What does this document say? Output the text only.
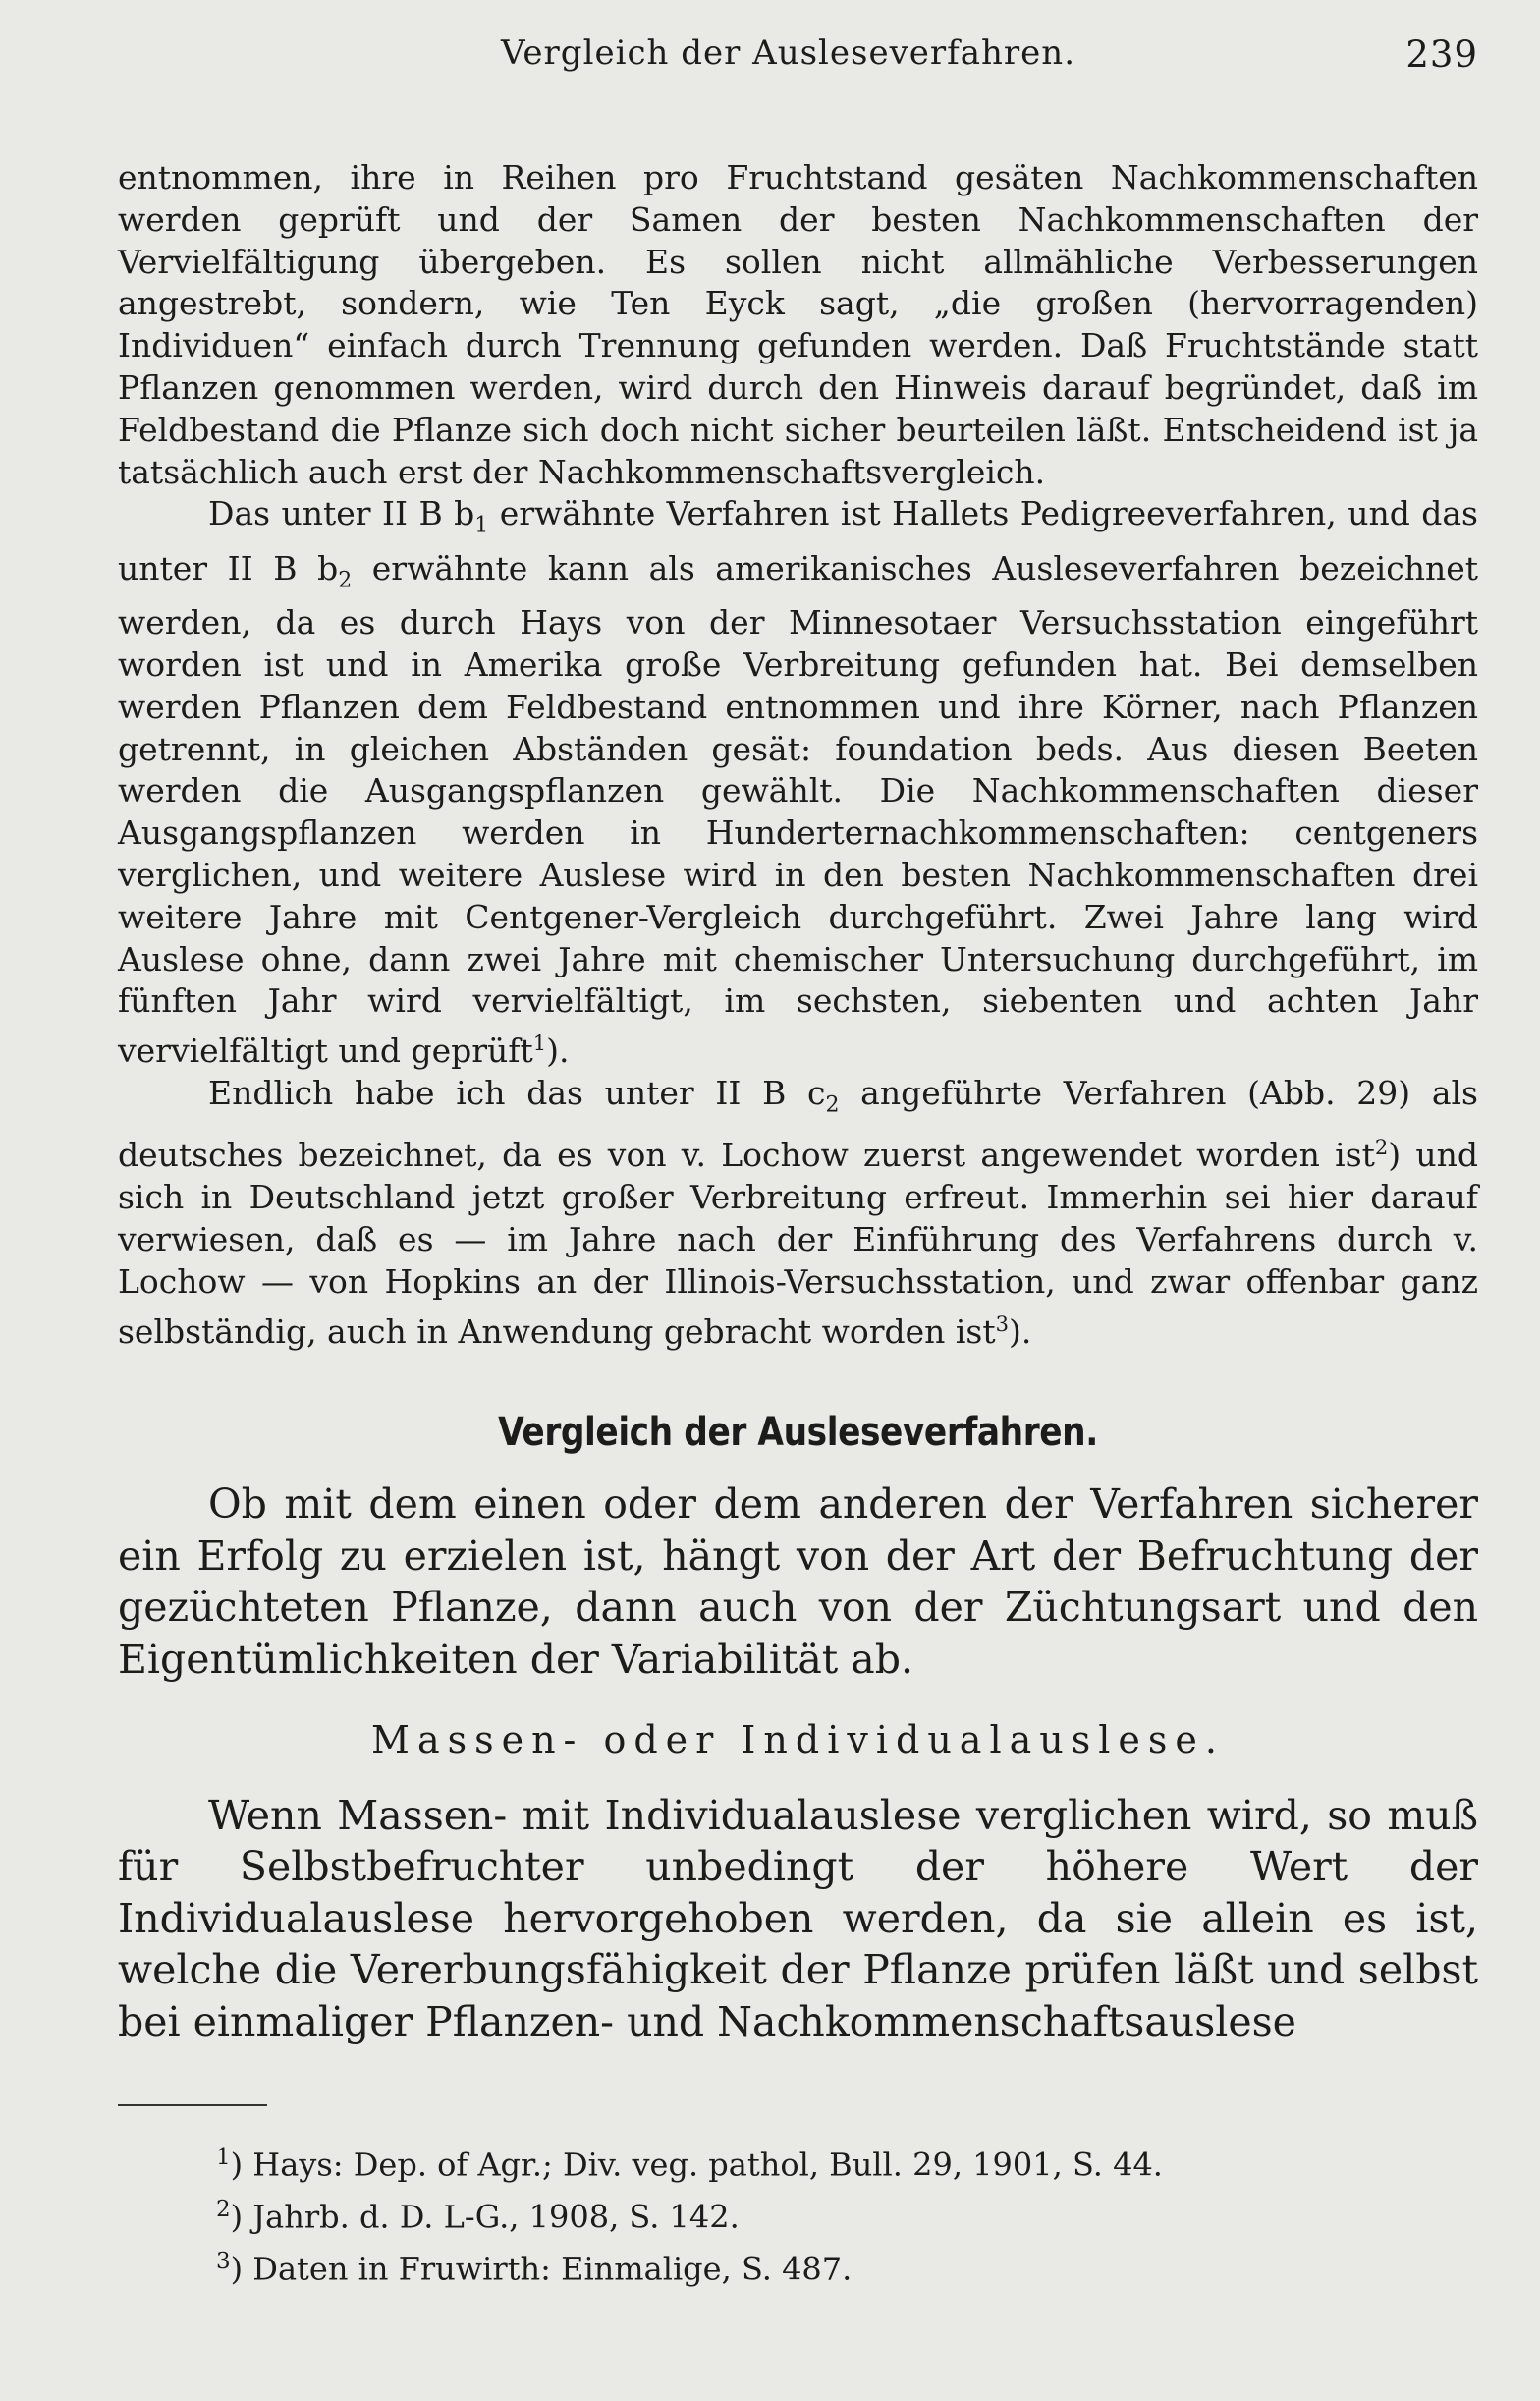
Vergleich der Ausleseverfahren.	239

entnommen, ihre in Reihen pro Fruchtstand gesäten Nachkommenschaften werden geprüft und der Samen der besten Nachkommenschaften der Vervielfältigung übergeben. Es sollen nicht allmähliche Verbesserungen angestrebt, sondern, wie Ten Eyck sagt, „die großen (hervorragenden) Individuen“ einfach durch Trennung gefunden werden. Daß Fruchtstände statt Pflanzen genommen werden, wird durch den Hinweis darauf begründet, daß im Feldbestand die Pflanze sich doch nicht sicher beurteilen läßt. Entscheidend ist ja tatsächlich auch erst der Nachkommenschaftsvergleich.

Das unter II B $b_1$ erwähnte Verfahren ist Hallets Pedigreeverfahren, und das unter II B $b_2$ erwähnte kann als amerikanisches Ausleseverfahren bezeichnet werden, da es durch Hays von der Minnesotaer Versuchsstation eingeführt worden ist und in Amerika große Verbreitung gefunden hat. Bei demselben werden Pflanzen dem Feldbestand entnommen und ihre Körner, nach Pflanzen getrennt, in gleichen Abständen gesät: foundation beds. Aus diesen Beeten werden die Ausgangspflanzen gewählt. Die Nachkommenschaften dieser Ausgangspflanzen werden in Hunderternachkommenschaften: centgeners verglichen, und weitere Auslese wird in den besten Nachkommenschaften drei weitere Jahre mit Centgener-Vergleich durchgeführt. Zwei Jahre lang wird Auslese ohne, dann zwei Jahre mit chemischer Untersuchung durchgeführt, im fünften Jahr wird vervielfältigt, im sechsten, siebenten und achten Jahr vervielfältigt und geprüft$^1$).

Endlich habe ich das unter II B $c_2$ angeführte Verfahren (Abb. 29) als deutsches bezeichnet, da es von v. Lochow zuerst angewendet worden ist$^2$) und sich in Deutschland jetzt großer Verbreitung erfreut. Immerhin sei hier darauf verwiesen, daß es — im Jahre nach der Einführung des Verfahrens durch v. Lochow — von Hopkins an der Illinois-Versuchsstation, und zwar offenbar ganz selbständig, auch in Anwendung gebracht worden ist$^3$).

Vergleich der Ausleseverfahren.

Ob mit dem einen oder dem anderen der Verfahren sicherer ein Erfolg zu erzielen ist, hängt von der Art der Befruchtung der gezüchteten Pflanze, dann auch von der Züchtungsart und den Eigentümlichkeiten der Variabilität ab.

Massen- oder Individualauslese.

Wenn Massen- mit Individualauslese verglichen wird, so muß für Selbstbefruchter unbedingt der höhere Wert der Individualauslese hervorgehoben werden, da sie allein es ist, welche die Vererbungsfähigkeit der Pflanze prüfen läßt und selbst bei einmaliger Pflanzen- und Nachkommenschaftsauslese

$^1$) Hays: Dep. of Agr.; Div. veg. pathol, Bull. 29, 1901, S. 44.
$^2$) Jahrb. d. D. L-G., 1908, S. 142.
$^3$) Daten in Fruwirth: Einmalige, S. 487.
